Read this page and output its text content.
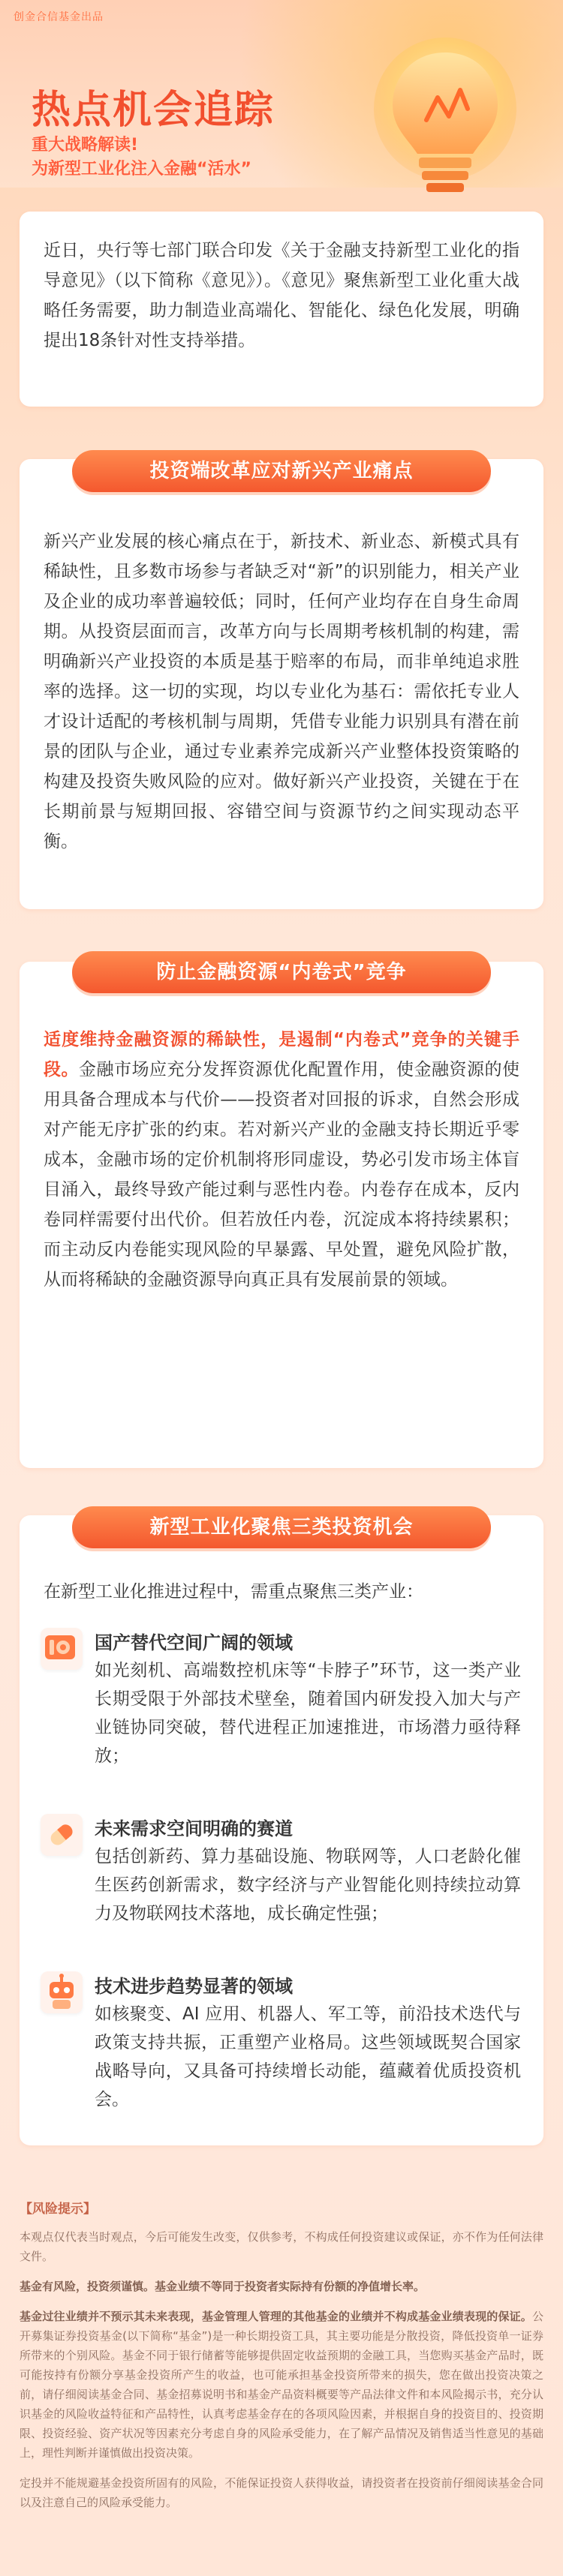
创金合信基金出品
热点机会追踪
重大战略解读!
为新型工业化注入金融“活水”

近日，央行等七部门联合印发《关于金融支持新型工业化的指导意见》（以下简称《意见》）。《意见》聚焦新型工业化重大战略任务需要，助力制造业高端化、智能化、绿色化发展，明确提出18条针对性支持举措。

新兴产业发展的核心痛点在于，新技术、新业态、新模式具有稀缺性，且多数市场参与者缺乏对“新”的识别能力，相关产业及企业的成功率普遍较低；同时，任何产业均存在自身生命周期。从投资层面而言，改革方向与长周期考核机制的构建，需明确新兴产业投资的本质是基于赔率的布局，而非单纯追求胜率的选择。这一切的实现，均以专业化为基石：需依托专业人才设计适配的考核机制与周期，凭借专业能力识别具有潜在前景的团队与企业，通过专业素养完成新兴产业整体投资策略的构建及投资失败风险的应对。做好新兴产业投资，关键在于在长期前景与短期回报、容错空间与资源节约之间实现动态平衡。

投资端改革应对新兴产业痛点

适度维持金融资源的稀缺性，是遏制“内卷式”竞争的关键手段。金融市场应充分发挥资源优化配置作用，使金融资源的使用具备合理成本与代价——投资者对回报的诉求，自然会形成对产能无序扩张的约束。若对新兴产业的金融支持长期近乎零成本，金融市场的定价机制将形同虚设，势必引发市场主体盲目涌入，最终导致产能过剩与恶性内卷。内卷存在成本，反内卷同样需要付出代价。但若放任内卷，沉淀成本将持续累积；而主动反内卷能实现风险的早暴露、早处置，避免风险扩散，从而将稀缺的金融资源导向真正具有发展前景的领域。

防止金融资源“内卷式”竞争
在新型工业化推进过程中，需重点聚焦三类产业：
国产替代空间广阔的领域
如光刻机、高端数控机床等“卡脖子”环节，这一类产业长期受限于外部技术壁垒，随着国内研发投入加大与产业链协同突破，替代进程正加速推进，市场潜力亟待释放；
未来需求空间明确的赛道
包括创新药、算力基础设施、物联网等，人口老龄化催生医药创新需求，数字经济与产业智能化则持续拉动算力及物联网技术落地，成长确定性强；
技术进步趋势显著的领域
如核聚变、AI 应用、机器人、军工等，前沿技术迭代与政策支持共振，正重塑产业格局。这些领域既契合国家战略导向，又具备可持续增长动能，蕴藏着优质投资机会。
新型工业化聚焦三类投资机会
【风险提示】

本观点仅代表当时观点，今后可能发生改变，仅供参考，不构成任何投资建议或保证，亦不作为任何法律文件。

基金有风险，投资须谨慎。基金业绩不等同于投资者实际持有份额的净值增长率。

基金过往业绩并不预示其未来表现，基金管理人管理的其他基金的业绩并不构成基金业绩表现的保证。公开募集证券投资基金(以下简称“基金”)是一种长期投资工具，其主要功能是分散投资，降低投资单一证券所带来的个别风险。基金不同于银行储蓄等能够提供固定收益预期的金融工具，当您购买基金产品时，既可能按持有份额分享基金投资所产生的收益，也可能承担基金投资所带来的损失，您在做出投资决策之前，请仔细阅读基金合同、基金招募说明书和基金产品资料概要等产品法律文件和本风险揭示书，充分认识基金的风险收益特征和产品特性，认真考虑基金存在的各项风险因素，并根据自身的投资目的、投资期限、投资经验、资产状况等因素充分考虑自身的风险承受能力，在了解产品情况及销售适当性意见的基础上，理性判断并谨慎做出投资决策。

定投并不能规避基金投资所固有的风险，不能保证投资人获得收益，请投资者在投资前仔细阅读基金合同以及注意自己的风险承受能力。
